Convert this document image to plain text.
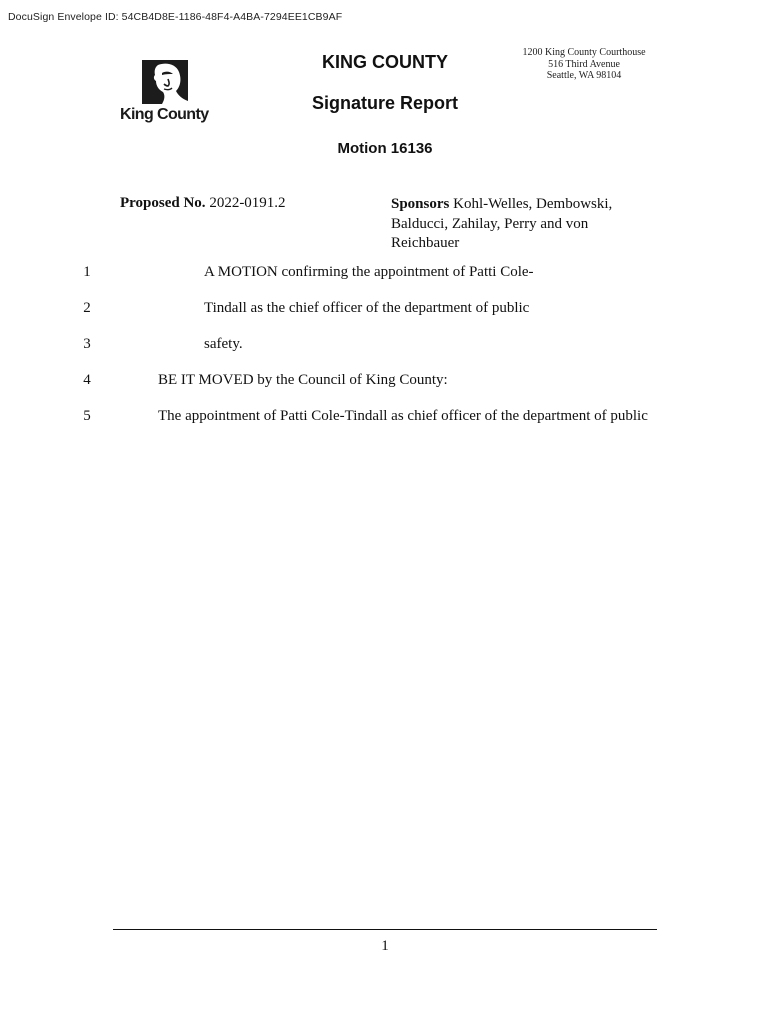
DocuSign Envelope ID: 54CB4D8E-1186-48F4-A4BA-7294EE1CB9AF
King County
KING COUNTY	1200 King County Courthouse
516 Third Avenue
Seattle, WA 98104
Signature Report
Motion 16136
Proposed No. 2022-0191.2	Sponsors Kohl-Welles, Dembowski, Balducci, Zahilay, Perry and von Reichbauer
1	A MOTION confirming the appointment of Patti Cole-
2	Tindall as the chief officer of the department of public
3	safety.
4	BE IT MOVED by the Council of King County:
5	The appointment of Patti Cole-Tindall as chief officer of the department of public
1
